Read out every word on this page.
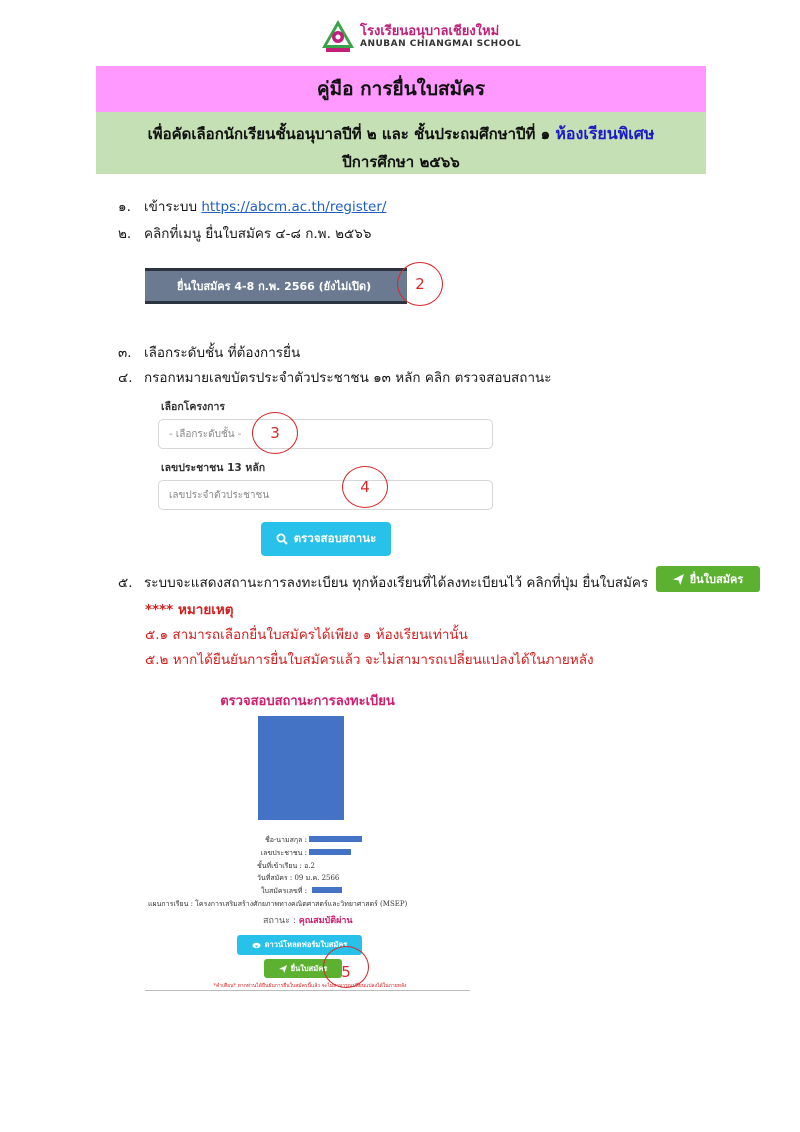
โรงเรียนอนุบาลเชียงใหม่
ANUBAN CHIANGMAI SCHOOL
คู่มือ การยื่นใบสมัคร
เพื่อคัดเลือกนักเรียนชั้นอนุบาลปีที่ ๒ และ ชั้นประถมศึกษาปีที่ ๑ ห้องเรียนพิเศษ
ปีการศึกษา ๒๕๖๖
๑. เข้าระบบ https://abcm.ac.th/register/
๒. คลิกที่เมนู ยื่นใบสมัคร ๔-๘ ก.พ. ๒๕๖๖
ยื่นใบสมัคร 4-8 ก.พ. 2566 (ยังไม่เปิด)	2
๓. เลือกระดับชั้น ที่ต้องการยื่น
๔. กรอกหมายเลขบัตรประจำตัวประชาชน ๑๓ หลัก คลิก ตรวจสอบสถานะ
เลือกโครงการ
- เลือกระดับชั้น - 3
เลขประชาชน 13 หลัก
เลขประจำตัวประชาชน	4
ตรวจสอบสถานะ
๕. ระบบจะแสดงสถานะการลงทะเบียน ทุกห้องเรียนที่ได้ลงทะเบียนไว้ คลิกที่ปุ่ม ยื่นใบสมัคร	ยื่นใบสมัคร
**** หมายเหตุ
๕.๑ สามารถเลือกยื่นใบสมัครได้เพียง ๑ ห้องเรียนเท่านั้น
๕.๒ หากได้ยืนยันการยื่นใบสมัครแล้ว จะไม่สามารถเปลี่ยนแปลงได้ในภายหลัง
ตรวจสอบสถานะการลงทะเบียน
ชื่อ-นามสกุล :
เลขประชาชน :
ชั้นที่เข้าเรียน : อ.2
วันที่สมัคร : 09 ม.ค. 2566
ใบสมัครเลขที่ :
แผนการเรียน : โครงการเสริมสร้างศักยภาพทางคณิตศาสตร์และวิทยาศาสตร์ (MSEP)
สถานะ : คุณสมบัติผ่าน
ดาวน์โหลดฟอร์มใบสมัคร
ยื่นใบสมัคร 5
*คำเตือน* หากท่านได้ยืนยันการยื่นใบสมัครนี้แล้ว จะไม่สามารถเปลี่ยนแปลงได้ในภายหลัง
